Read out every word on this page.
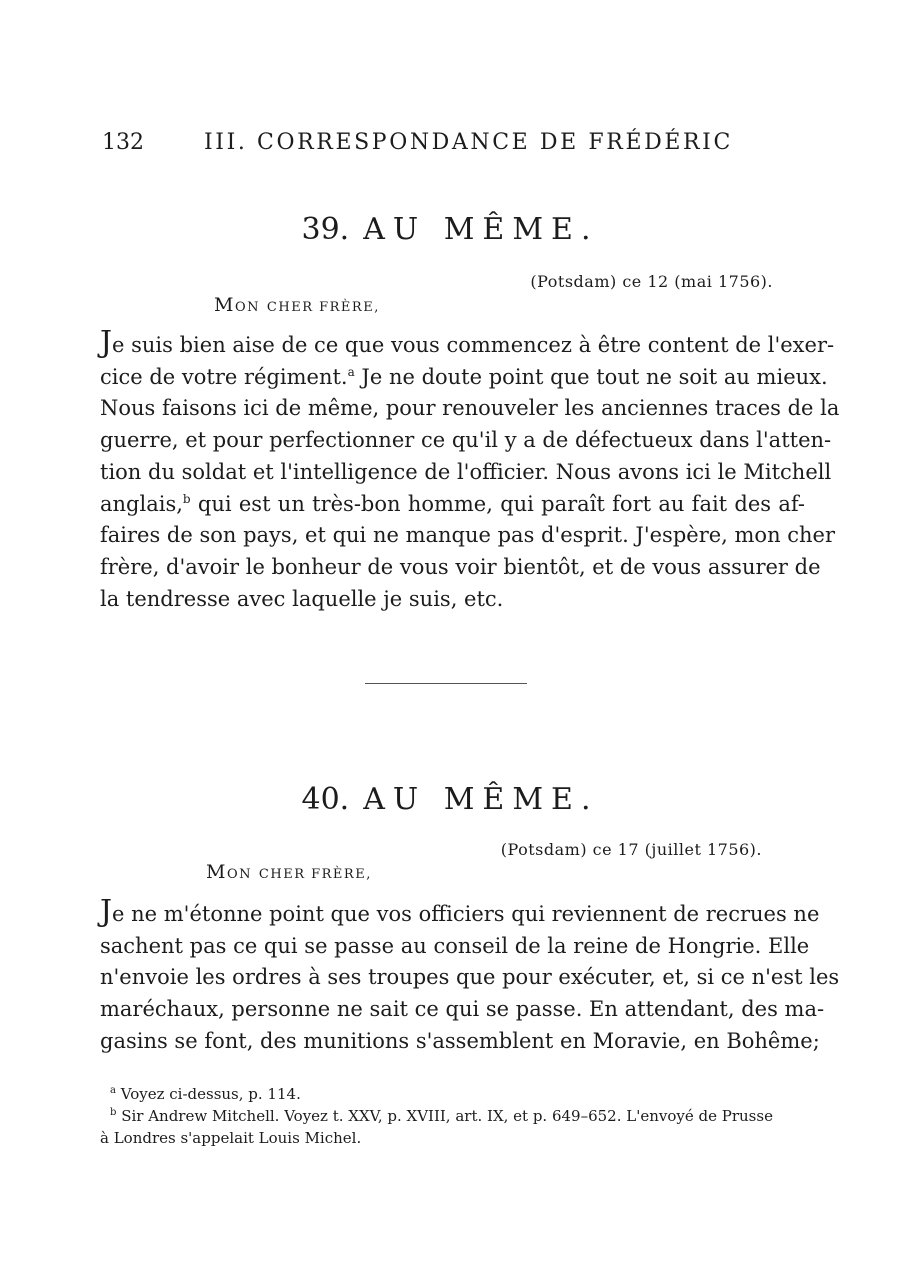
132	III. CORRESPONDANCE DE FRÉDÉRIC
39. AU MÊME.
(Potsdam) ce 12 (mai 1756).
MON CHER FRÈRE,
Je suis bien aise de ce que vous commencez à être content de l'exer-
cice de votre régiment.$^a$ Je ne doute point que tout ne soit au mieux.
Nous faisons ici de même, pour renouveler les anciennes traces de la
guerre, et pour perfectionner ce qu'il y a de défectueux dans l'atten-
tion du soldat et l'intelligence de l'officier. Nous avons ici le Mitchell
anglais,$^b$ qui est un très-bon homme, qui paraît fort au fait des af-
faires de son pays, et qui ne manque pas d'esprit. J'espère, mon cher
frère, d'avoir le bonheur de vous voir bientôt, et de vous assurer de
la tendresse avec laquelle je suis, etc.
40. AU MÊME.
(Potsdam) ce 17 (juillet 1756).
MON CHER FRÈRE,
Je ne m'étonne point que vos officiers qui reviennent de recrues ne
sachent pas ce qui se passe au conseil de la reine de Hongrie. Elle
n'envoie les ordres à ses troupes que pour exécuter, et, si ce n'est les
maréchaux, personne ne sait ce qui se passe. En attendant, des ma-
gasins se font, des munitions s'assemblent en Moravie, en Bohême;
$^a$ Voyez ci-dessus, p. 114.
$^b$ Sir Andrew Mitchell. Voyez t. XXV, p. XVIII, art. IX, et p. 649–652. L'envoyé de Prusse
à Londres s'appelait Louis Michel.
